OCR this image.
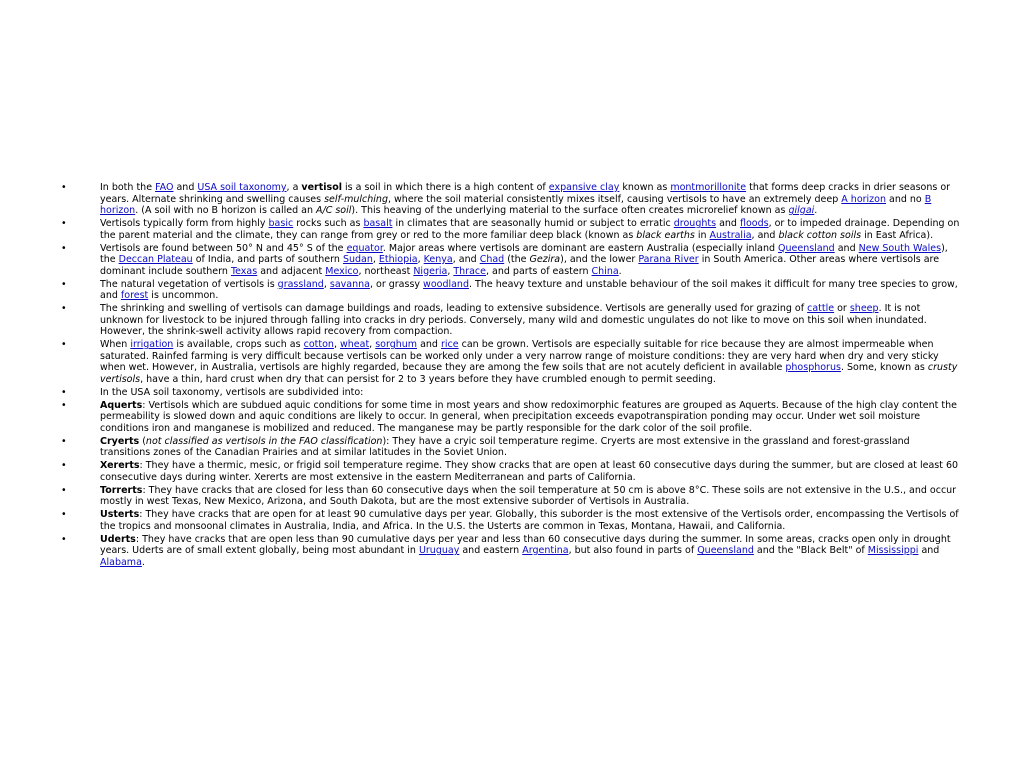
•	In both the FAO and USA soil taxonomy, a vertisol is a soil in which there is a high content of expansive clay known as montmorillonite that forms deep cracks in drier seasons or years. Alternate shrinking and swelling causes self-mulching, where the soil material consistently mixes itself, causing vertisols to have an extremely deep A horizon and no B horizon. (A soil with no B horizon is called an A/C soil). This heaving of the underlying material to the surface often creates microrelief known as gilgai.
•	Vertisols typically form from highly basic rocks such as basalt in climates that are seasonally humid or subject to erratic droughts and floods, or to impeded drainage. Depending on the parent material and the climate, they can range from grey or red to the more familiar deep black (known as black earths in Australia, and black cotton soils in East Africa).
•	Vertisols are found between 50° N and 45° S of the equator. Major areas where vertisols are dominant are eastern Australia (especially inland Queensland and New South Wales), the Deccan Plateau of India, and parts of southern Sudan, Ethiopia, Kenya, and Chad (the Gezira), and the lower Parana River in South America. Other areas where vertisols are dominant include southern Texas and adjacent Mexico, northeast Nigeria, Thrace, and parts of eastern China.
•	The natural vegetation of vertisols is grassland, savanna, or grassy woodland. The heavy texture and unstable behaviour of the soil makes it difficult for many tree species to grow, and forest is uncommon.
•	The shrinking and swelling of vertisols can damage buildings and roads, leading to extensive subsidence. Vertisols are generally used for grazing of cattle or sheep. It is not unknown for livestock to be injured through falling into cracks in dry periods. Conversely, many wild and domestic ungulates do not like to move on this soil when inundated. However, the shrink-swell activity allows rapid recovery from compaction.
•	When irrigation is available, crops such as cotton, wheat, sorghum and rice can be grown. Vertisols are especially suitable for rice because they are almost impermeable when saturated. Rainfed farming is very difficult because vertisols can be worked only under a very narrow range of moisture conditions: they are very hard when dry and very sticky when wet. However, in Australia, vertisols are highly regarded, because they are among the few soils that are not acutely deficient in available phosphorus. Some, known as crusty vertisols, have a thin, hard crust when dry that can persist for 2 to 3 years before they have crumbled enough to permit seeding.
•	In the USA soil taxonomy, vertisols are subdivided into:
•	Aquerts: Vertisols which are subdued aquic conditions for some time in most years and show redoximorphic features are grouped as Aquerts. Because of the high clay content the permeability is slowed down and aquic conditions are likely to occur. In general, when precipitation exceeds evapotranspiration ponding may occur. Under wet soil moisture conditions iron and manganese is mobilized and reduced. The manganese may be partly responsible for the dark color of the soil profile.
•	Cryerts (not classified as vertisols in the FAO classification): They have a cryic soil temperature regime. Cryerts are most extensive in the grassland and forest-grassland transitions zones of the Canadian Prairies and at similar latitudes in the Soviet Union.
•	Xererts: They have a thermic, mesic, or frigid soil temperature regime. They show cracks that are open at least 60 consecutive days during the summer, but are closed at least 60 consecutive days during winter. Xererts are most extensive in the eastern Mediterranean and parts of California.
•	Torrerts: They have cracks that are closed for less than 60 consecutive days when the soil temperature at 50 cm is above 8°C. These soils are not extensive in the U.S., and occur mostly in west Texas, New Mexico, Arizona, and South Dakota, but are the most extensive suborder of Vertisols in Australia.
•	Usterts: They have cracks that are open for at least 90 cumulative days per year. Globally, this suborder is the most extensive of the Vertisols order, encompassing the Vertisols of the tropics and monsoonal climates in Australia, India, and Africa. In the U.S. the Usterts are common in Texas, Montana, Hawaii, and California.
•	Uderts: They have cracks that are open less than 90 cumulative days per year and less than 60 consecutive days during the summer. In some areas, cracks open only in drought years. Uderts are of small extent globally, being most abundant in Uruguay and eastern Argentina, but also found in parts of Queensland and the "Black Belt" of Mississippi and Alabama.
